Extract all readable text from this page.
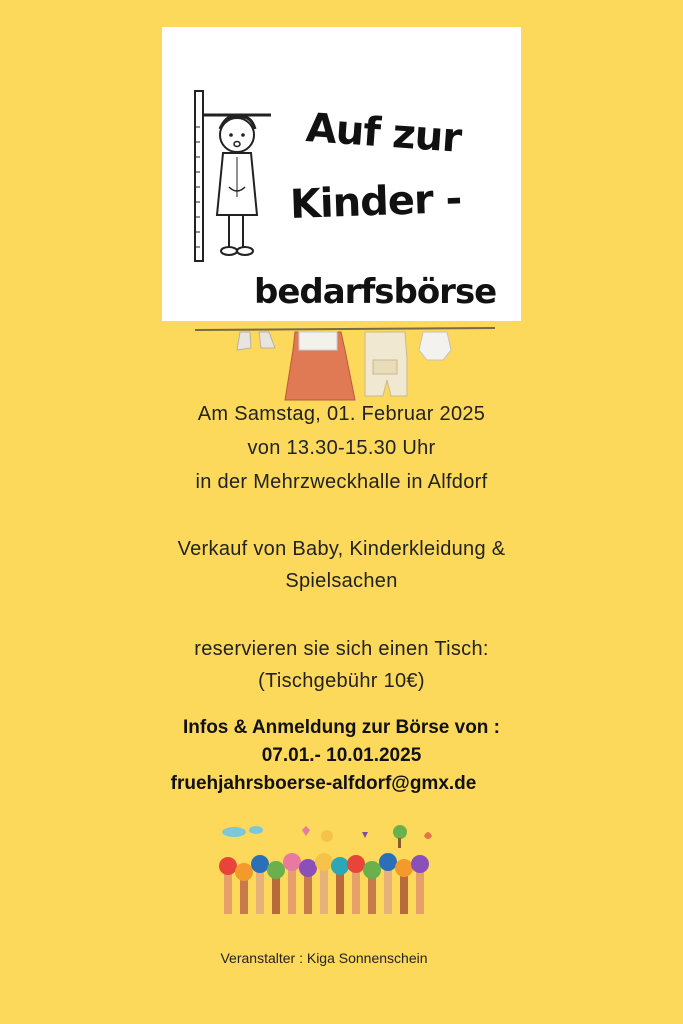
Auf zur
Kinder -
bedarfsbörse
Am Samstag, 01. Februar 2025
von 13.30-15.30 Uhr
in der Mehrzweckhalle in Alfdorf
Verkauf von Baby, Kinderkleidung &
Spielsachen
reservieren sie sich einen Tisch:
(Tischgebühr 10€)
Infos & Anmeldung zur Börse von :
07.01.- 10.01.2025
fruehjahrsboerse-alfdorf@gmx.de
Veranstalter : Kiga Sonnenschein
